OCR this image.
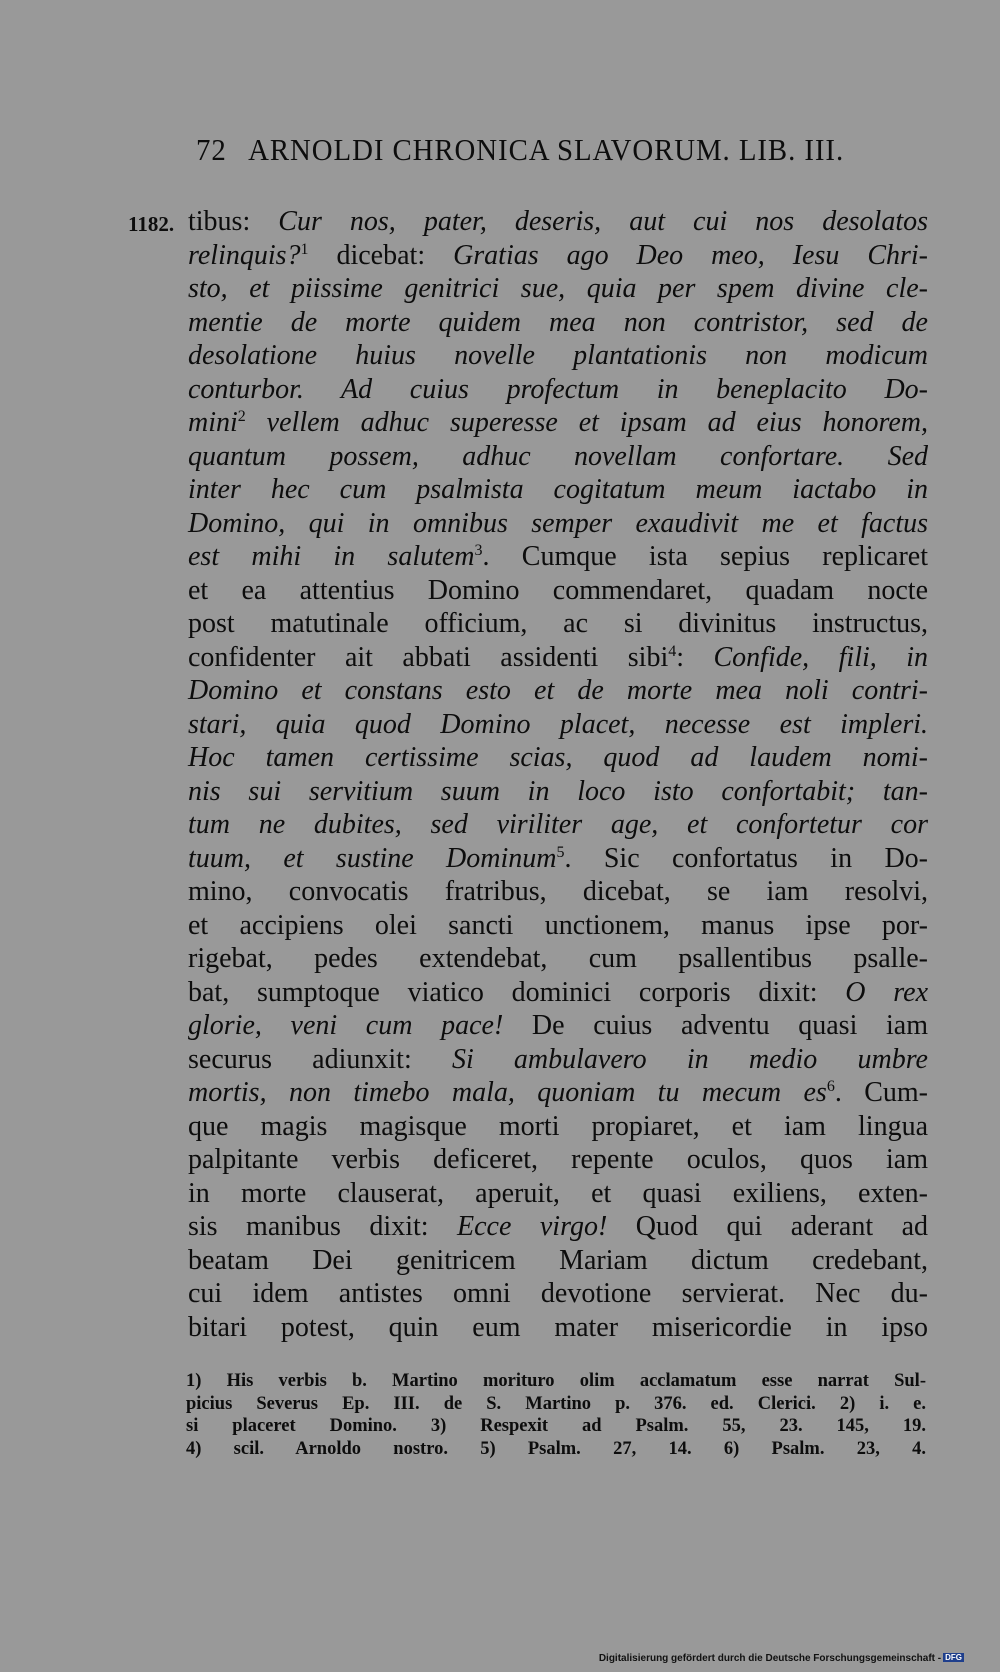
72 ARNOLDI CHRONICA SLAVORUM. LIB. III.
1182. tibus: Cur nos, pater, deseris, aut cui nos desolatos
relinquis?$^1$ dicebat: Gratias ago Deo meo, Iesu Chri-
sto, et piissime genitrici sue, quia per spem divine cle-
mentie de morte quidem mea non contristor, sed de
desolatione huius novelle plantationis non modicum
conturbor. Ad cuius profectum in beneplacito Do-
mini$^2$ vellem adhuc superesse et ipsam ad eius honorem,
quantum possem, adhuc novellam confortare. Sed
inter hec cum psalmista cogitatum meum iactabo in
Domino, qui in omnibus semper exaudivit me et factus
est mihi in salutem$^3$. Cumque ista sepius replicaret
et ea attentius Domino commendaret, quadam nocte
post matutinale officium, ac si divinitus instructus,
confidenter ait abbati assidenti sibi$^4$: Confide, fili, in
Domino et constans esto et de morte mea noli contri-
stari, quia quod Domino placet, necesse est impleri.
Hoc tamen certissime scias, quod ad laudem nomi-
nis sui servitium suum in loco isto confortabit; tan-
tum ne dubites, sed viriliter age, et confortetur cor
tuum, et sustine Dominum$^5$. Sic confortatus in Do-
mino, convocatis fratribus, dicebat, se iam resolvi,
et accipiens olei sancti unctionem, manus ipse por-
rigebat, pedes extendebat, cum psallentibus psalle-
bat, sumptoque viatico dominici corporis dixit: O rex
glorie, veni cum pace! De cuius adventu quasi iam
securus adiunxit: Si ambulavero in medio umbre
mortis, non timebo mala, quoniam tu mecum $es^6$. Cum-
que magis magisque morti propiaret, et iam lingua
palpitante verbis deficeret, repente oculos, quos iam
in morte clauserat, aperuit, et quasi exiliens, exten-
sis manibus dixit: Ecce virgo! Quod qui aderant ad
beatam Dei genitricem Mariam dictum credebant,
cui idem antistes omni devotione servierat. Nec du-
bitari potest, quin eum mater misericordie in ipso
1) His verbis b. Martino morituro olim acclamatum esse narrat Sul-
picius Severus Ep. III. de S. Martino p. 376. ed. Clerici. 2) i. e.
si placeret Domino. 3) Respexit ad Psalm. 55, 23. 145, 19.
4) scil. Arnoldo nostro. 5) Psalm. 27, 14. 6) Psalm. 23, 4.
Digitalisierung gefördert durch die Deutsche Forschungsgemeinschaft - DFG
